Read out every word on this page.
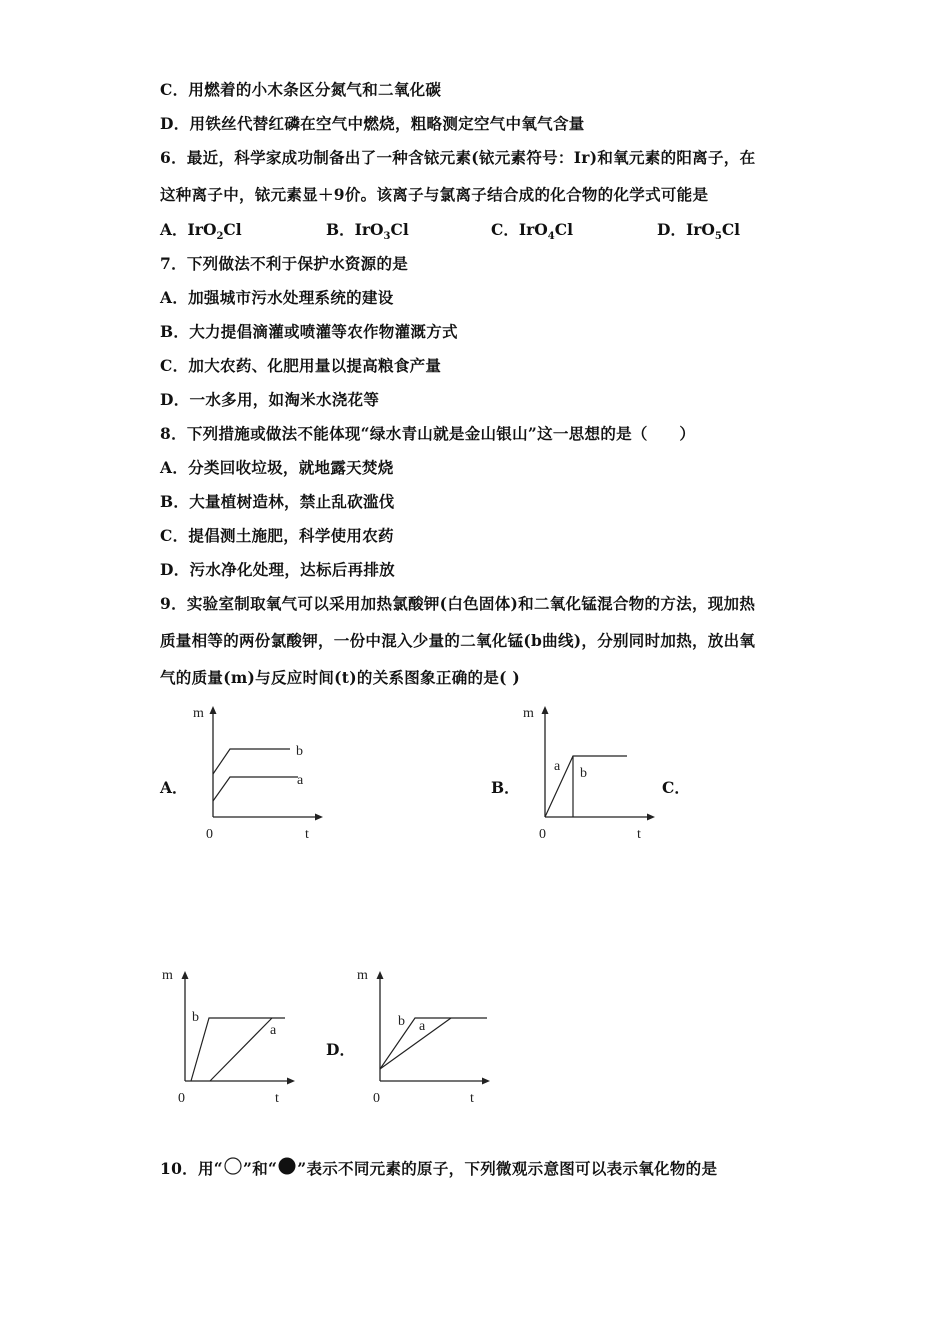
C．用燃着的小木条区分氮气和二氧化碳
D．用铁丝代替红磷在空气中燃烧，粗略测定空气中氧气含量
6．最近，科学家成功制备出了一种含铱元素(铱元素符号：Ir)和氧元素的阳离子，在
这种离子中，铱元素显＋9价。该离子与氯离子结合成的化合物的化学式可能是
A．IrO$_2$Cl	B．IrO$_3$Cl	C．IrO$_4$Cl	D．IrO$_5$Cl
7．下列做法不利于保护水资源的是
A．加强城市污水处理系统的建设
B．大力提倡滴灌或喷灌等农作物灌溉方式
C．加大农药、化肥用量以提高粮食产量
D．一水多用，如淘米水浇花等
8．下列措施或做法不能体现“绿水青山就是金山银山”这一思想的是（　　）
A．分类回收垃圾，就地露天焚烧
B．大量植树造林，禁止乱砍滥伐
C．提倡测土施肥，科学使用农药
D．污水净化处理，达标后再排放
9．实验室制取氧气可以采用加热氯酸钾(白色固体)和二氧化锰混合物的方法，现加热
质量相等的两份氯酸钾，一份中混入少量的二氧化锰(b曲线)，分别同时加热，放出氧
气的质量(m)与反应时间(t)的关系图象正确的是( )
A．	B．	C．
D．
m
t
0
b
a
m
t
0
a b
m
t
0
b
a
m
t
0
b a
10．用“ ”和“ ”表示不同元素的原子，下列微观示意图可以表示氧化物的是
